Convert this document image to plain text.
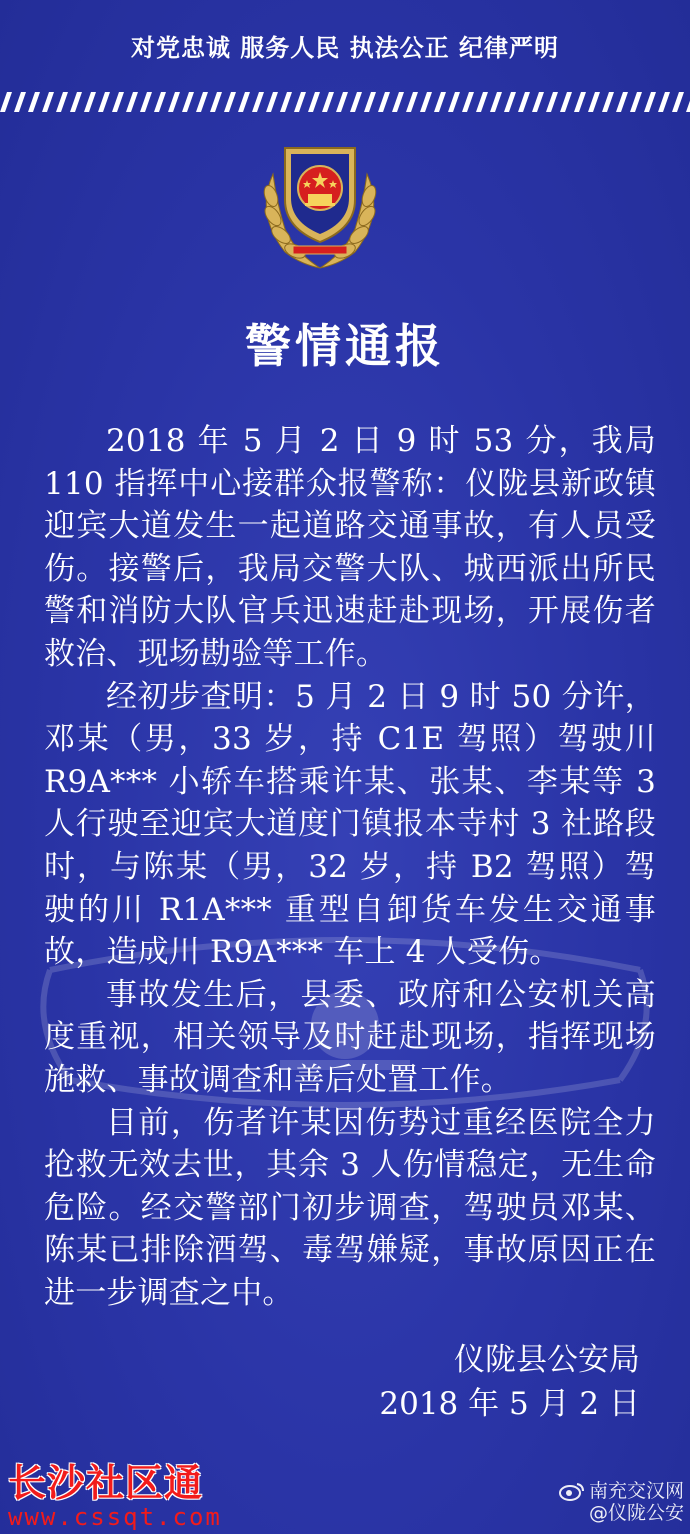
对党忠诚 服务人民 执法公正 纪律严明
警情通报

2018 年 5 月 2 日 9 时 53 分，我局 110 指挥中心接群众报警称：仪陇县新政镇迎宾大道发生一起道路交通事故，有人员受伤。接警后，我局交警大队、城西派出所民警和消防大队官兵迅速赶赴现场，开展伤者救治、现场勘验等工作。

经初步查明：5 月 2 日 9 时 50 分许，邓某（男，33 岁，持 C1E 驾照）驾驶川 R9A*** 小轿车搭乘许某、张某、李某等 3 人行驶至迎宾大道度门镇报本寺村 3 社路段时，与陈某（男，32 岁，持 B2 驾照）驾驶的川 R1A*** 重型自卸货车发生交通事故，造成川 R9A*** 车上 4 人受伤。

事故发生后，县委、政府和公安机关高度重视，相关领导及时赶赴现场，指挥现场施救、事故调查和善后处置工作。

目前，伤者许某因伤势过重经医院全力抢救无效去世，其余 3 人伤情稳定，无生命危险。经交警部门初步调查，驾驶员邓某、陈某已排除酒驾、毒驾嫌疑，事故原因正在进一步调查之中。

仪陇县公安局
2018 年 5 月 2 日
长沙社区通
www.cssqt.com
南充交汉网
@仪陇公安
